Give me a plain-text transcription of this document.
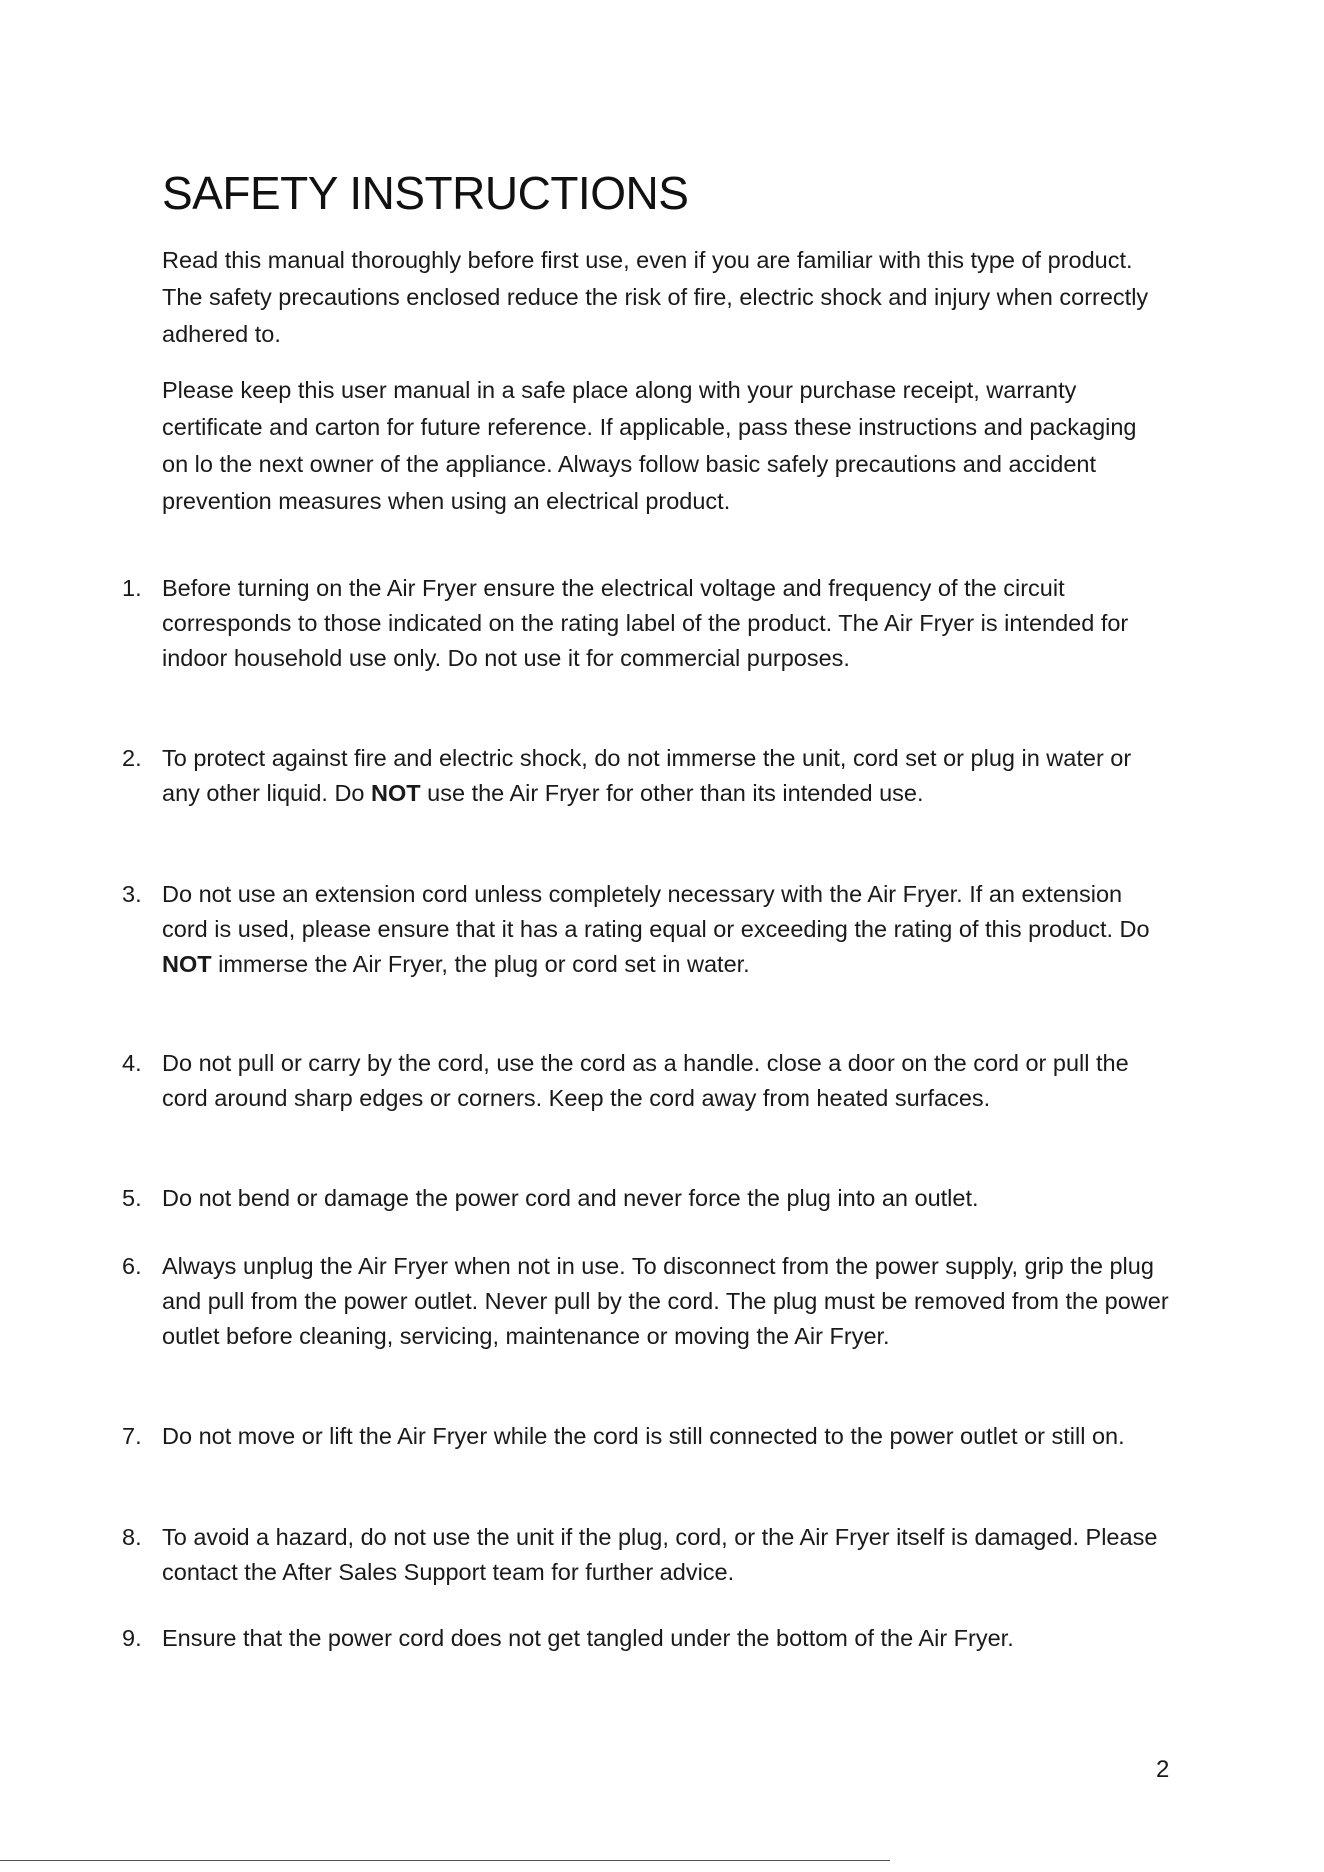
SAFETY INSTRUCTIONS

Read this manual thoroughly before first use, even if you are familiar with this type of product. The safety precautions enclosed reduce the risk of fire, electric shock and injury when correctly adhered to.

Please keep this user manual in a safe place along with your purchase receipt, warranty certificate and carton for future reference. If applicable, pass these instructions and packaging on lo the next owner of the appliance. Always follow basic safely precautions and accident prevention measures when using an electrical product.

1. Before turning on the Air Fryer ensure the electrical voltage and frequency of the circuit corresponds to those indicated on the rating label of the product. The Air Fryer is intended for indoor household use only. Do not use it for commercial purposes.

2. To protect against fire and electric shock, do not immerse the unit, cord set or plug in water or any other liquid. Do NOT use the Air Fryer for other than its intended use.

3. Do not use an extension cord unless completely necessary with the Air Fryer. If an extension cord is used, please ensure that it has a rating equal or exceeding the rating of this product. Do NOT immerse the Air Fryer, the plug or cord set in water.

4. Do not pull or carry by the cord, use the cord as a handle. close a door on the cord or pull the cord around sharp edges or corners. Keep the cord away from heated surfaces.

5. Do not bend or damage the power cord and never force the plug into an outlet.

6. Always unplug the Air Fryer when not in use. To disconnect from the power supply, grip the plug and pull from the power outlet. Never pull by the cord. The plug must be removed from the power outlet before cleaning, servicing, maintenance or moving the Air Fryer.

7. Do not move or lift the Air Fryer while the cord is still connected to the power outlet or still on.

8. To avoid a hazard, do not use the unit if the plug, cord, or the Air Fryer itself is damaged. Please contact the After Sales Support team for further advice.

9. Ensure that the power cord does not get tangled under the bottom of the Air Fryer.

2
